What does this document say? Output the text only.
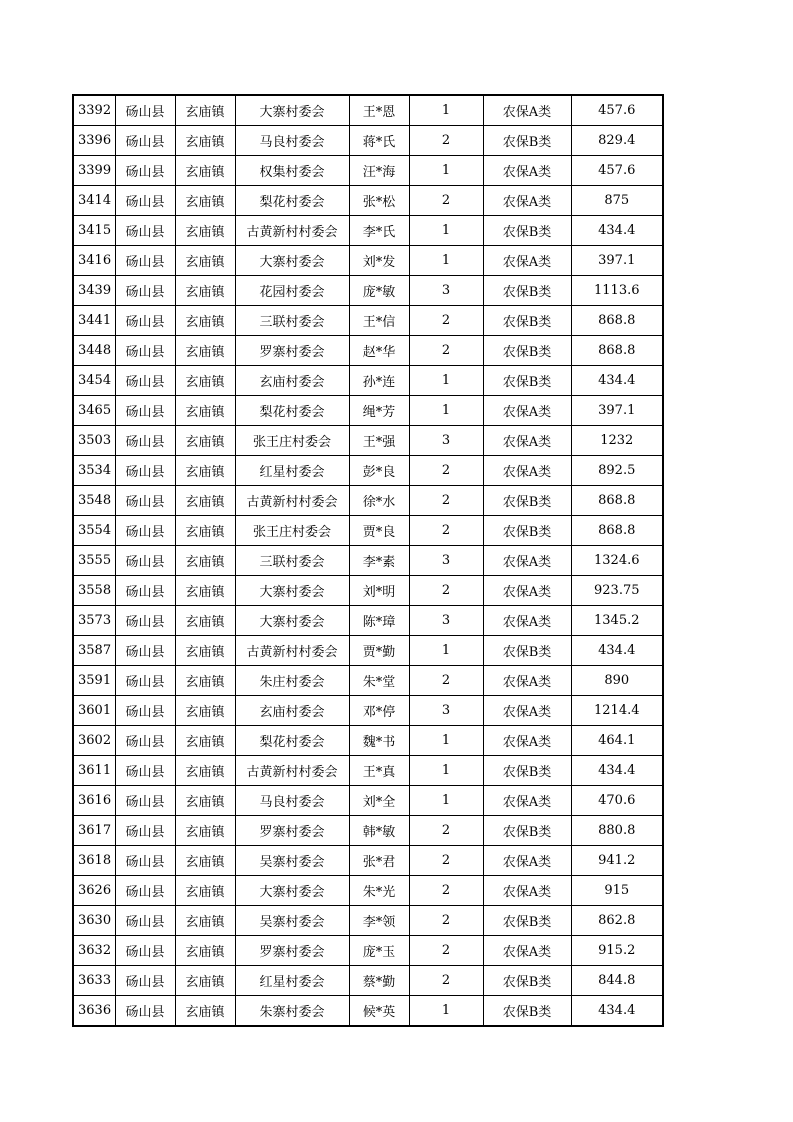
3392	砀山县	玄庙镇	大寨村委会	王*恩	1	农保A类	457.6
3396	砀山县	玄庙镇	马良村委会	蒋*氏	2	农保B类	829.4
3399	砀山县	玄庙镇	权集村委会	汪*海	1	农保A类	457.6
3414	砀山县	玄庙镇	梨花村委会	张*松	2	农保A类	875
3415	砀山县	玄庙镇	古黄新村村委会	李*氏	1	农保B类	434.4
3416	砀山县	玄庙镇	大寨村委会	刘*发	1	农保A类	397.1
3439	砀山县	玄庙镇	花园村委会	庞*敏	3	农保B类	1113.6
3441	砀山县	玄庙镇	三联村委会	王*信	2	农保B类	868.8
3448	砀山县	玄庙镇	罗寨村委会	赵*华	2	农保B类	868.8
3454	砀山县	玄庙镇	玄庙村委会	孙*连	1	农保B类	434.4
3465	砀山县	玄庙镇	梨花村委会	绳*芳	1	农保A类	397.1
3503	砀山县	玄庙镇	张王庄村委会	王*强	3	农保A类	1232
3534	砀山县	玄庙镇	红星村委会	彭*良	2	农保A类	892.5
3548	砀山县	玄庙镇	古黄新村村委会	徐*水	2	农保B类	868.8
3554	砀山县	玄庙镇	张王庄村委会	贾*良	2	农保B类	868.8
3555	砀山县	玄庙镇	三联村委会	李*素	3	农保A类	1324.6
3558	砀山县	玄庙镇	大寨村委会	刘*明	2	农保A类	923.75
3573	砀山县	玄庙镇	大寨村委会	陈*璋	3	农保A类	1345.2
3587	砀山县	玄庙镇	古黄新村村委会	贾*勤	1	农保B类	434.4
3591	砀山县	玄庙镇	朱庄村委会	朱*堂	2	农保A类	890
3601	砀山县	玄庙镇	玄庙村委会	邓*停	3	农保A类	1214.4
3602	砀山县	玄庙镇	梨花村委会	魏*书	1	农保A类	464.1
3611	砀山县	玄庙镇	古黄新村村委会	王*真	1	农保B类	434.4
3616	砀山县	玄庙镇	马良村委会	刘*全	1	农保A类	470.6
3617	砀山县	玄庙镇	罗寨村委会	韩*敏	2	农保B类	880.8
3618	砀山县	玄庙镇	吴寨村委会	张*君	2	农保A类	941.2
3626	砀山县	玄庙镇	大寨村委会	朱*光	2	农保A类	915
3630	砀山县	玄庙镇	吴寨村委会	李*领	2	农保B类	862.8
3632	砀山县	玄庙镇	罗寨村委会	庞*玉	2	农保A类	915.2
3633	砀山县	玄庙镇	红星村委会	蔡*勤	2	农保B类	844.8
3636	砀山县	玄庙镇	朱寨村委会	候*英	1	农保B类	434.4
